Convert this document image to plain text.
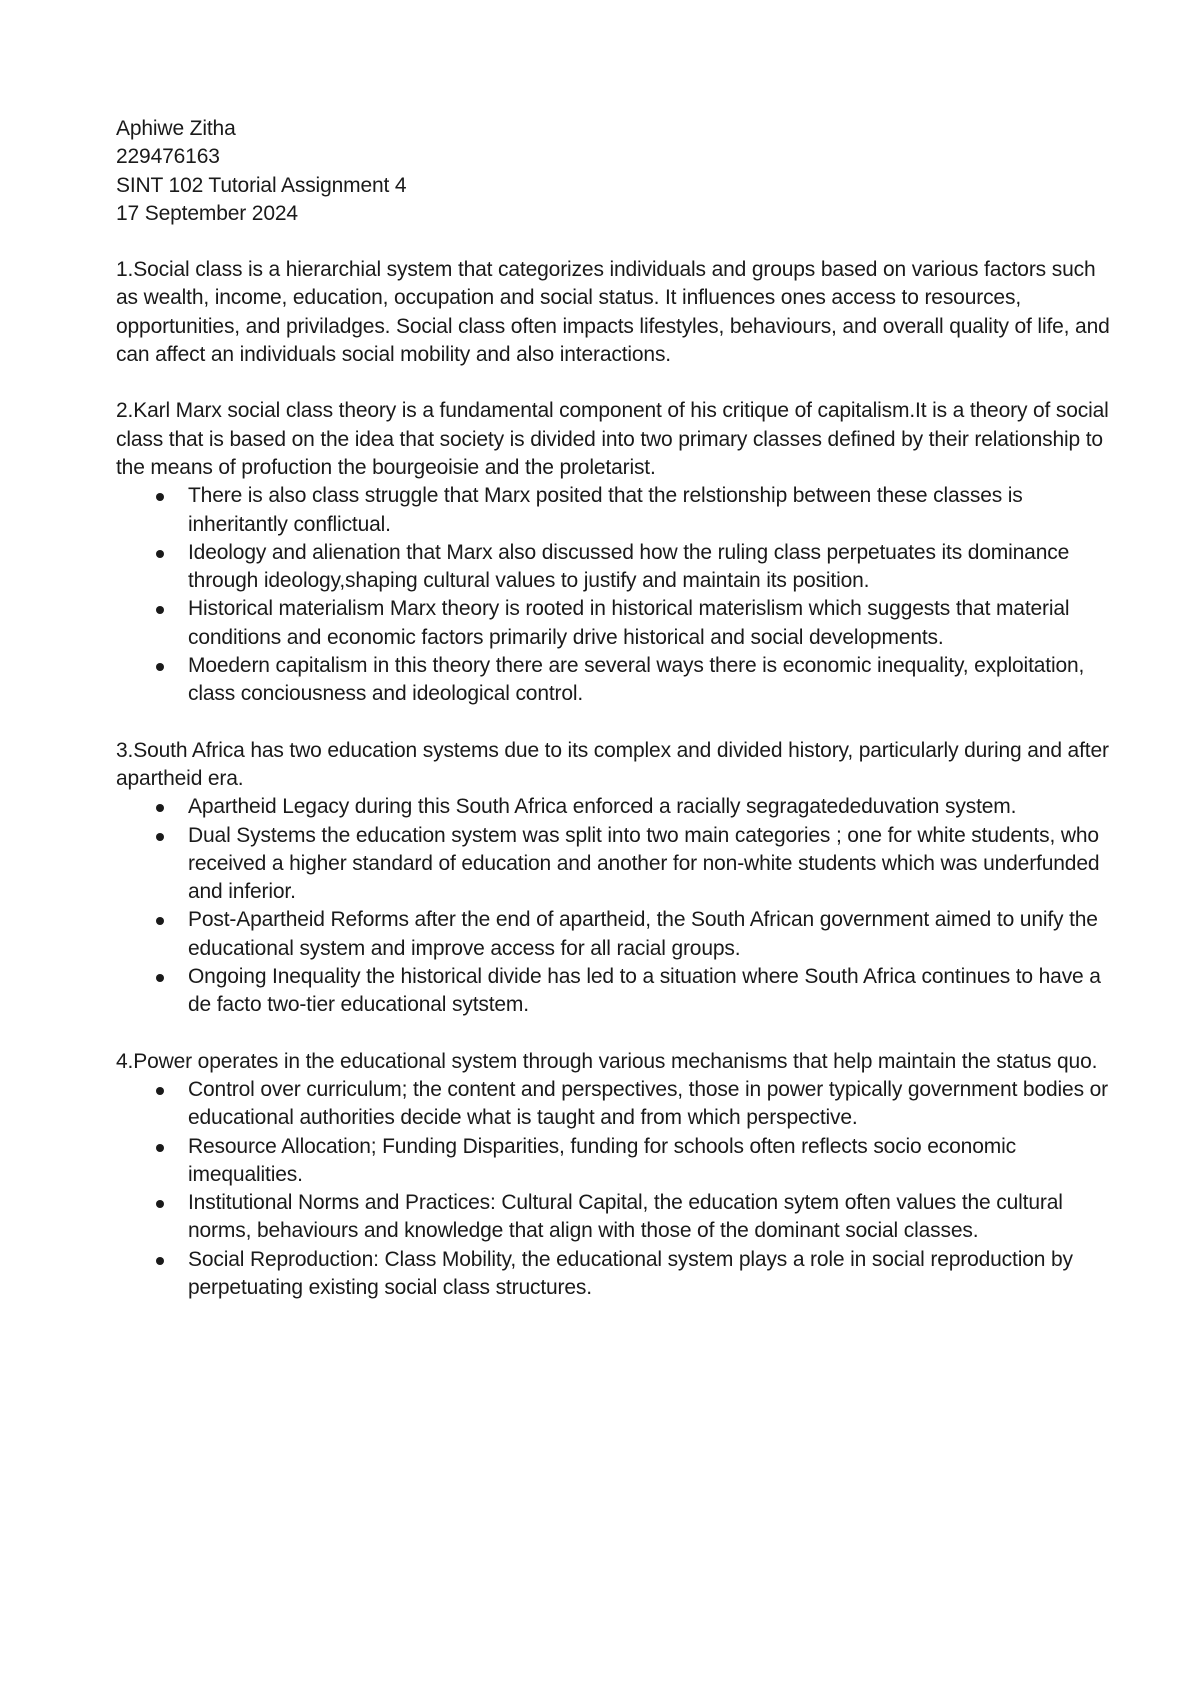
Aphiwe Zitha
229476163
SINT 102 Tutorial Assignment 4
17 September 2024

1.Social class is a hierarchial system that categorizes individuals and groups based on various factors such as wealth, income, education, occupation and social status. It influences ones access to resources, opportunities, and priviladges. Social class often impacts lifestyles, behaviours, and overall quality of life, and can affect an individuals social mobility and also interactions.

2.Karl Marx social class theory is a fundamental component of his critique of capitalism.It is a theory of social class that is based on the idea that society is divided into two primary classes defined by their relationship to the means of profuction the bourgeoisie and the proletarist.

There is also class struggle that Marx posited that the relstionship between these classes is inheritantly conflictual.
Ideology and alienation that Marx also discussed how the ruling class perpetuates its dominance through ideology,shaping cultural values to justify and maintain its position.
Historical materialism Marx theory is rooted in historical materislism which suggests that material conditions and economic factors primarily drive historical and social developments.
Moedern capitalism in this theory there are several ways there is economic inequality, exploitation, class conciousness and ideological control.

3.South Africa has two education systems due to its complex and divided history, particularly during and after apartheid era.

Apartheid Legacy during this South Africa enforced a racially segragatededuvation system.
Dual Systems the education system was split into two main categories ; one for white students, who received a higher standard of education and another for non-white students which was underfunded and inferior.
Post-Apartheid Reforms after the end of apartheid, the South African government aimed to unify the educational system and improve access for all racial groups.
Ongoing Inequality the historical divide has led to a situation where South Africa continues to have a de facto two-tier educational sytstem.

4.Power operates in the educational system through various mechanisms that help maintain the status quo.

Control over curriculum; the content and perspectives, those in power typically government bodies or educational authorities decide what is taught and from which perspective.
Resource Allocation; Funding Disparities, funding for schools often reflects socio economic imequalities.
Institutional Norms and Practices: Cultural Capital, the education sytem often values the cultural norms, behaviours and knowledge that align with those of the dominant social classes.
Social Reproduction: Class Mobility, the educational system plays a role in social reproduction by perpetuating existing social class structures.
